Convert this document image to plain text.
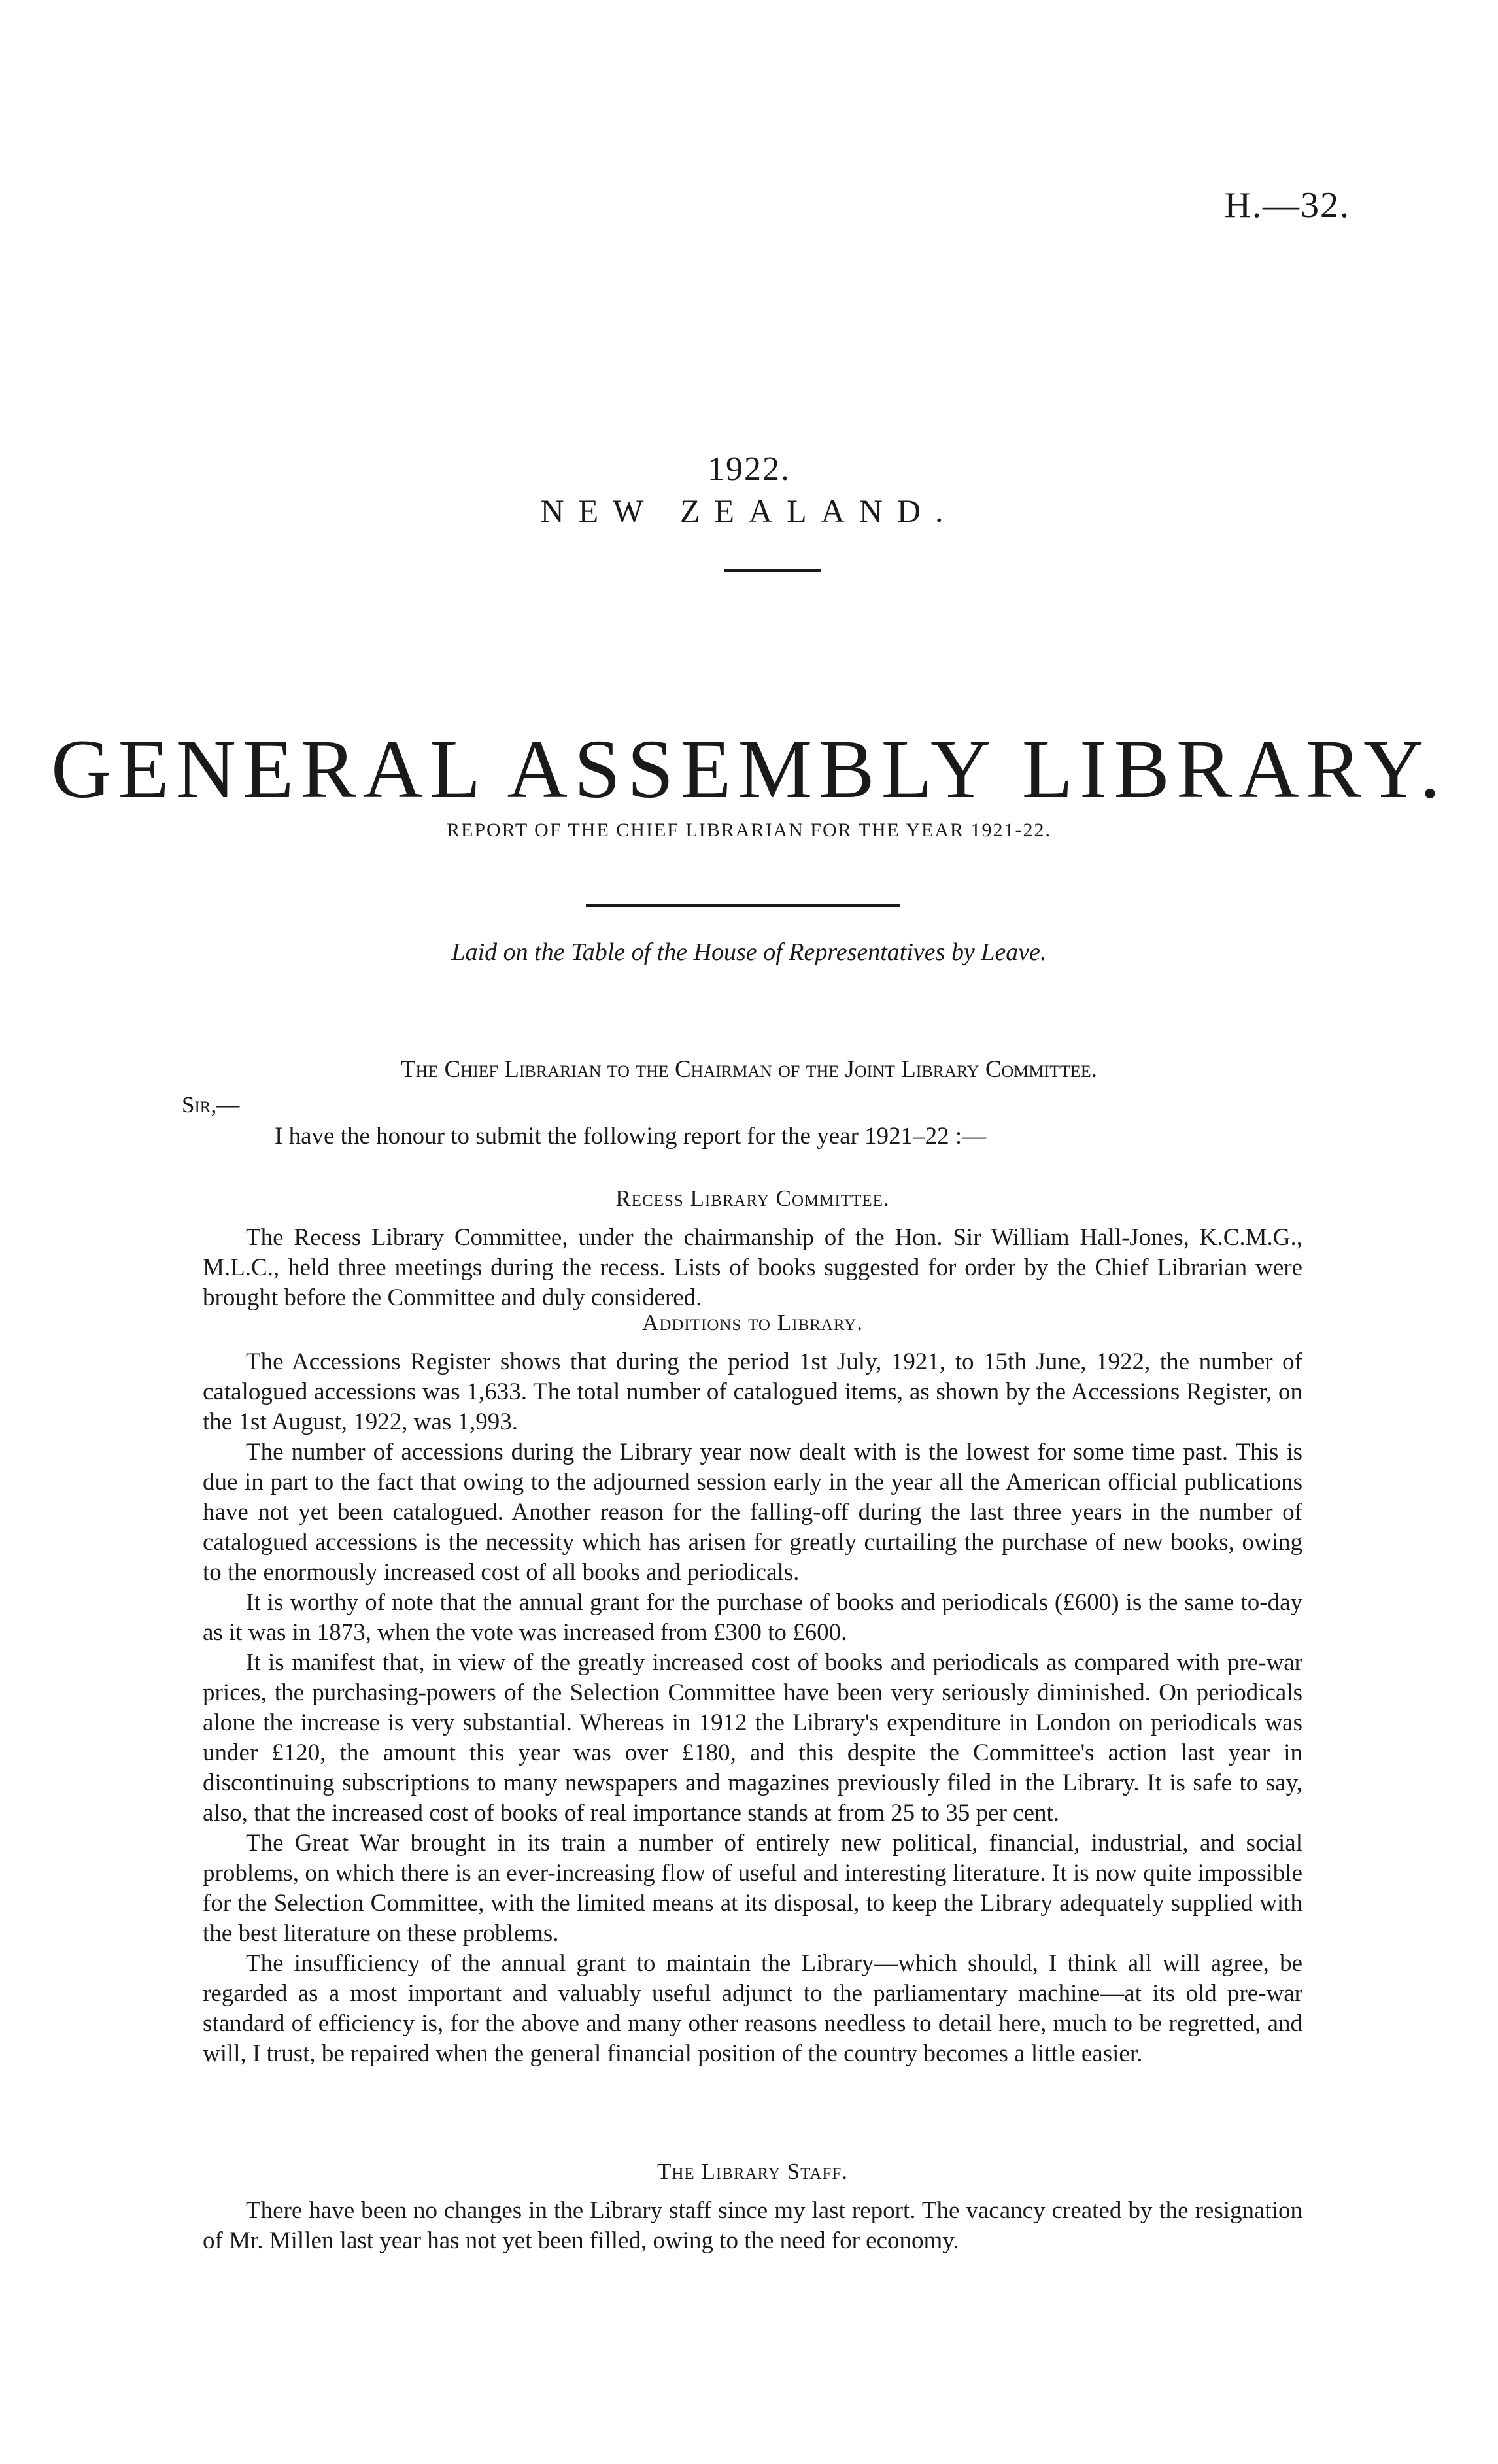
H.—32.
1922.
NEW ZEALAND.
GENERAL ASSEMBLY LIBRARY.
REPORT OF THE CHIEF LIBRARIAN FOR THE YEAR 1921-22.
Laid on the Table of the House of Representatives by Leave.
The Chief Librarian to the Chairman of the Joint Library Committee.
Sir,—
I have the honour to submit the following report for the year 1921–22 :—
Recess Library Committee.

The Recess Library Committee, under the chairmanship of the Hon. Sir William Hall-Jones, K.C.M.G., M.L.C., held three meetings during the recess. Lists of books suggested for order by the Chief Librarian were brought before the Committee and duly considered.

Additions to Library.

The Accessions Register shows that during the period 1st July, 1921, to 15th June, 1922, the number of catalogued accessions was 1,633. The total number of catalogued items, as shown by the Accessions Register, on the 1st August, 1922, was 1,993.

The number of accessions during the Library year now dealt with is the lowest for some time past. This is due in part to the fact that owing to the adjourned session early in the year all the American official publications have not yet been catalogued. Another reason for the falling-off during the last three years in the number of catalogued accessions is the necessity which has arisen for greatly curtailing the purchase of new books, owing to the enormously increased cost of all books and periodicals.

It is worthy of note that the annual grant for the purchase of books and periodicals (£600) is the same to-day as it was in 1873, when the vote was increased from £300 to £600.

It is manifest that, in view of the greatly increased cost of books and periodicals as compared with pre-war prices, the purchasing-powers of the Selection Committee have been very seriously diminished. On periodicals alone the increase is very substantial. Whereas in 1912 the Library's expenditure in London on periodicals was under £120, the amount this year was over £180, and this despite the Committee's action last year in discontinuing subscriptions to many newspapers and magazines previously filed in the Library. It is safe to say, also, that the increased cost of books of real importance stands at from 25 to 35 per cent.

The Great War brought in its train a number of entirely new political, financial, industrial, and social problems, on which there is an ever-increasing flow of useful and interesting literature. It is now quite impossible for the Selection Committee, with the limited means at its disposal, to keep the Library adequately supplied with the best literature on these problems.

The insufficiency of the annual grant to maintain the Library—which should, I think all will agree, be regarded as a most important and valuably useful adjunct to the parliamentary machine—at its old pre-war standard of efficiency is, for the above and many other reasons needless to detail here, much to be regretted, and will, I trust, be repaired when the general financial position of the country becomes a little easier.

The Library Staff.

There have been no changes in the Library staff since my last report. The vacancy created by the resignation of Mr. Millen last year has not yet been filled, owing to the need for economy.
